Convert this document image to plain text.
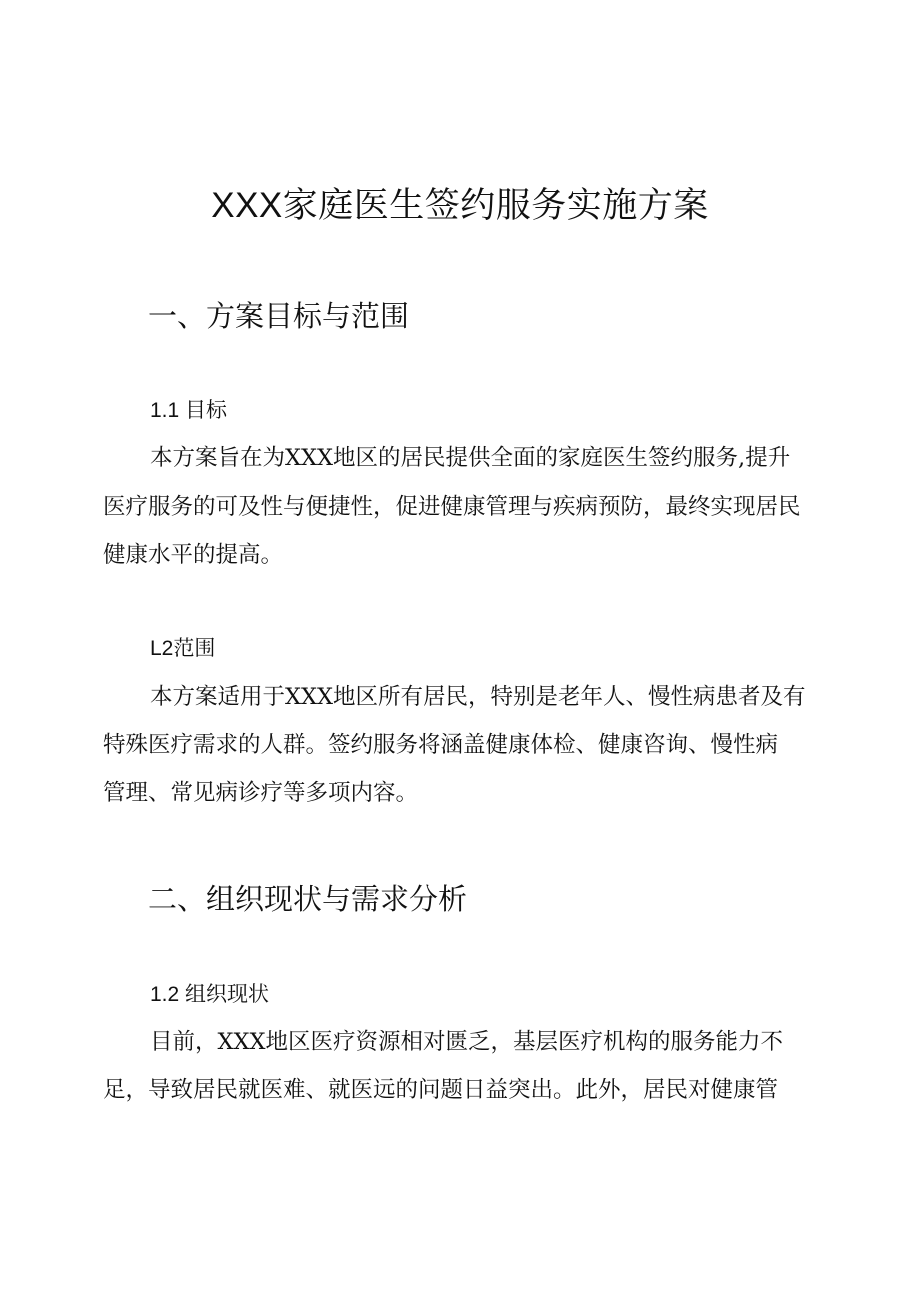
XXX家庭医生签约服务实施方案
一、方案目标与范围
1.1 目标

本方案旨在为XXX地区的居民提供全面的家庭医生签约服务,提升

医疗服务的可及性与便捷性，促进健康管理与疾病预防，最终实现居民

健康水平的提高。

L2范围

本方案适用于XXX地区所有居民，特别是老年人、慢性病患者及有

特殊医疗需求的人群。签约服务将涵盖健康体检、健康咨询、慢性病

管理、常见病诊疗等多项内容。

二、组织现状与需求分析
1.2 组织现状

目前，XXX地区医疗资源相对匮乏，基层医疗机构的服务能力不

足，导致居民就医难、就医远的问题日益突出。此外，居民对健康管
